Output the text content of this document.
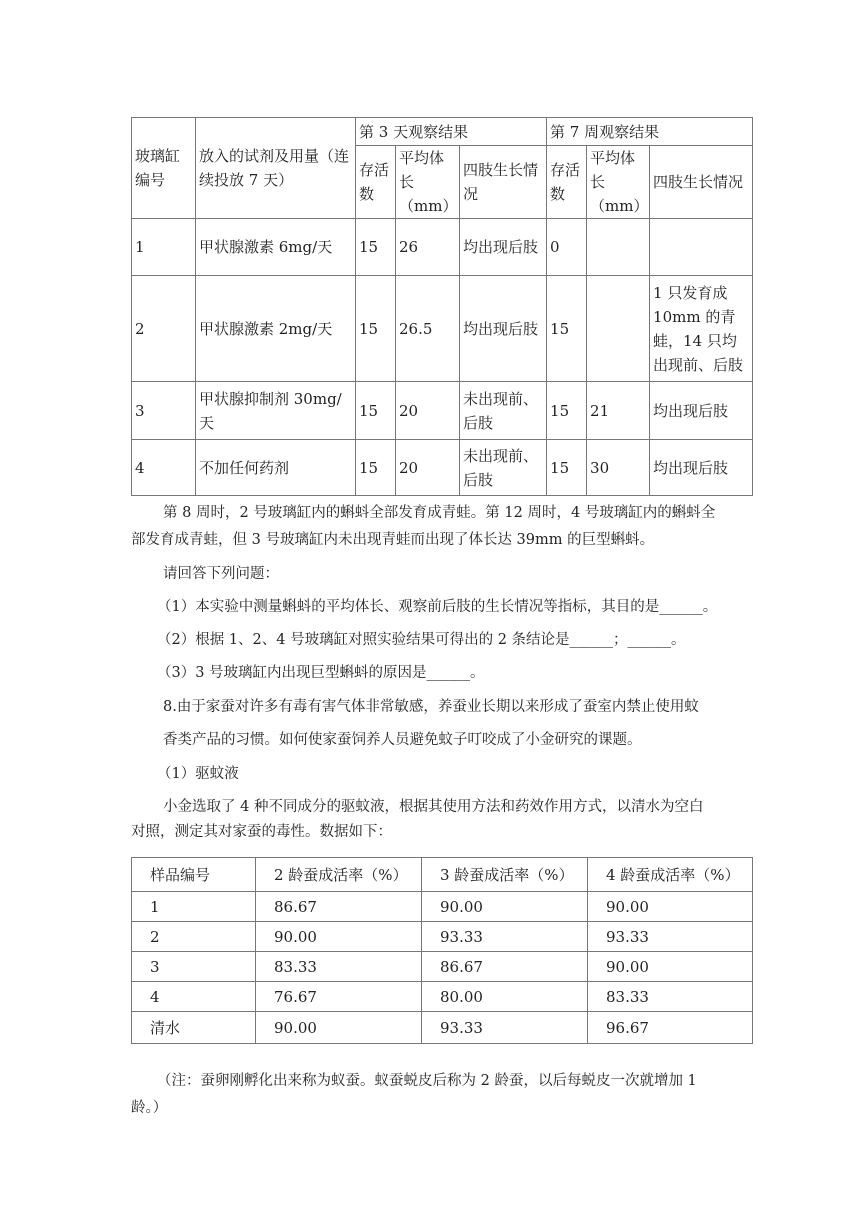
玻璃缸编号	放入的试剂及用量（连续投放 7 天）	第 3 天观察结果			第 7 周观察结果		
		存活数	平均体长（mm）	四肢生长情况	存活数	平均体长（mm）	四肢生长情况
1	甲状腺激素 6mg/天	15	26	均出现后肢	0		
2	甲状腺激素 2mg/天	15	26.5	均出现后肢	15		1 只发育成 10mm 的青蛙，14 只均出现前、后肢
3	甲状腺抑制剂 30mg/天	15	20	未出现前、后肢	15	21	均出现后肢
4	不加任何药剂	15	20	未出现前、后肢	15	30	均出现后肢
第 8 周时，2 号玻璃缸内的蝌蚪全部发育成青蛙。第 12 周时，4 号玻璃缸内的蝌蚪全
部发育成青蛙，但 3 号玻璃缸内未出现青蛙而出现了体长达 39mm 的巨型蝌蚪。
请回答下列问题：
（1）本实验中测量蝌蚪的平均体长、观察前后肢的生长情况等指标，其目的是______。
（2）根据 1、2、4 号玻璃缸对照实验结果可得出的 2 条结论是______；______。
（3）3 号玻璃缸内出现巨型蝌蚪的原因是______。
8.由于家蚕对许多有毒有害气体非常敏感，养蚕业长期以来形成了蚕室内禁止使用蚊
香类产品的习惯。如何使家蚕饲养人员避免蚊子叮咬成了小金研究的课题。
（1）驱蚊液
小金选取了 4 种不同成分的驱蚊液，根据其使用方法和药效作用方式，以清水为空白
对照，测定其对家蚕的毒性。数据如下：
样品编号	2 龄蚕成活率（%）	3 龄蚕成活率（%）	4 龄蚕成活率（%）
1	86.67	90.00	90.00
2	90.00	93.33	93.33
3	83.33	86.67	90.00
4	76.67	80.00	83.33
清水	90.00	93.33	96.67
（注：蚕卵刚孵化出来称为蚁蚕。蚁蚕蜕皮后称为 2 龄蚕，以后每蜕皮一次就增加 1
龄。）
